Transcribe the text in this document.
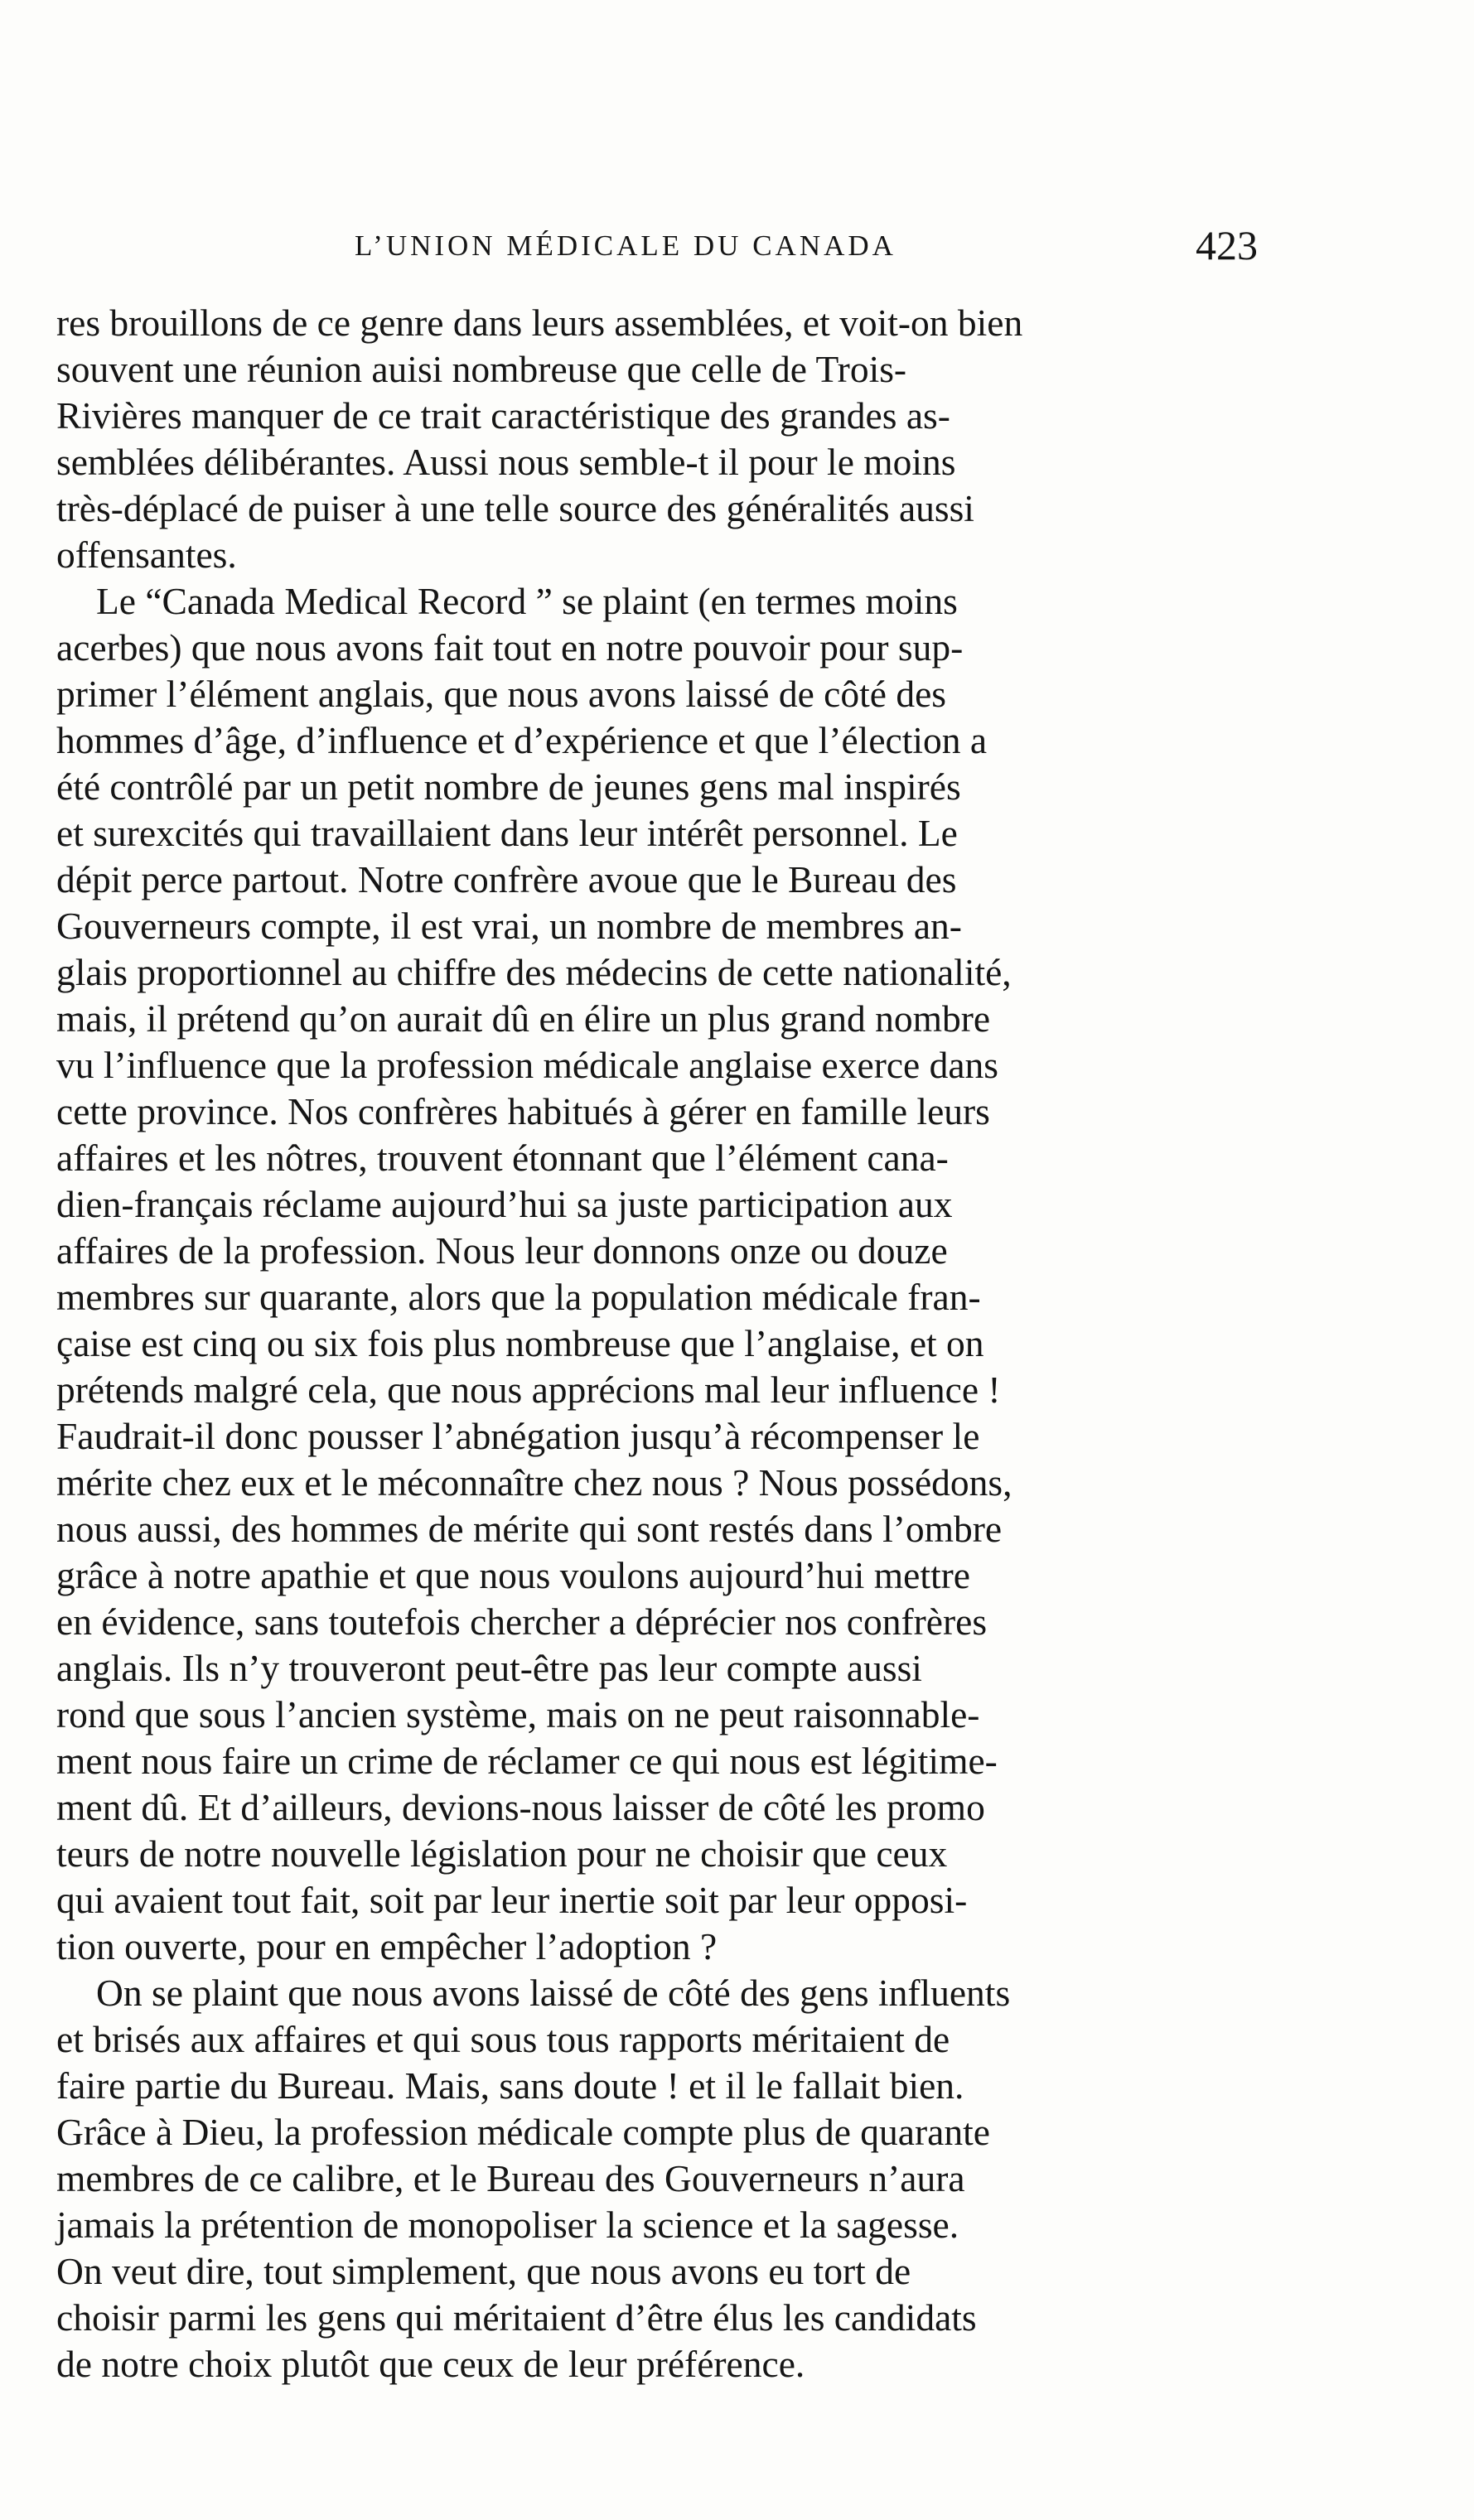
L’UNION MÉDICALE DU CANADA	423

res brouillons de ce genre dans leurs assemblées, et voit-on bien
souvent une réunion auisi nombreuse que celle de Trois-
Rivières manquer de ce trait caractéristique des grandes as-
semblées délibérantes. Aussi nous semble-t il pour le moins
très-déplacé de puiser à une telle source des généralités aussi
offensantes.

Le “Canada Medical Record ” se plaint (en termes moins
acerbes) que nous avons fait tout en notre pouvoir pour sup-
primer l’élément anglais, que nous avons laissé de côté des
hommes d’âge, d’influence et d’expérience et que l’élection a
été contrôlé par un petit nombre de jeunes gens mal inspirés
et surexcités qui travaillaient dans leur intérêt personnel. Le
dépit perce partout. Notre confrère avoue que le Bureau des
Gouverneurs compte, il est vrai, un nombre de membres an-
glais proportionnel au chiffre des médecins de cette nationalité,
mais, il prétend qu’on aurait dû en élire un plus grand nombre
vu l’influence que la profession médicale anglaise exerce dans
cette province. Nos confrères habitués à gérer en famille leurs
affaires et les nôtres, trouvent étonnant que l’élément cana-
dien-français réclame aujourd’hui sa juste participation aux
affaires de la profession. Nous leur donnons onze ou douze
membres sur quarante, alors que la population médicale fran-
çaise est cinq ou six fois plus nombreuse que l’anglaise, et on
prétends malgré cela, que nous apprécions mal leur influence !
Faudrait-il donc pousser l’abnégation jusqu’à récompenser le
mérite chez eux et le méconnaître chez nous ? Nous possédons,
nous aussi, des hommes de mérite qui sont restés dans l’ombre
grâce à notre apathie et que nous voulons aujourd’hui mettre
en évidence, sans toutefois chercher a déprécier nos confrères
anglais. Ils n’y trouveront peut-être pas leur compte aussi
rond que sous l’ancien système, mais on ne peut raisonnable-
ment nous faire un crime de réclamer ce qui nous est légitime-
ment dû. Et d’ailleurs, devions-nous laisser de côté les promo
teurs de notre nouvelle législation pour ne choisir que ceux
qui avaient tout fait, soit par leur inertie soit par leur opposi-
tion ouverte, pour en empêcher l’adoption ?

On se plaint que nous avons laissé de côté des gens influents
et brisés aux affaires et qui sous tous rapports méritaient de
faire partie du Bureau. Mais, sans doute ! et il le fallait bien.
Grâce à Dieu, la profession médicale compte plus de quarante
membres de ce calibre, et le Bureau des Gouverneurs n’aura
jamais la prétention de monopoliser la science et la sagesse.
On veut dire, tout simplement, que nous avons eu tort de
choisir parmi les gens qui méritaient d’être élus les candidats
de notre choix plutôt que ceux de leur préférence.
